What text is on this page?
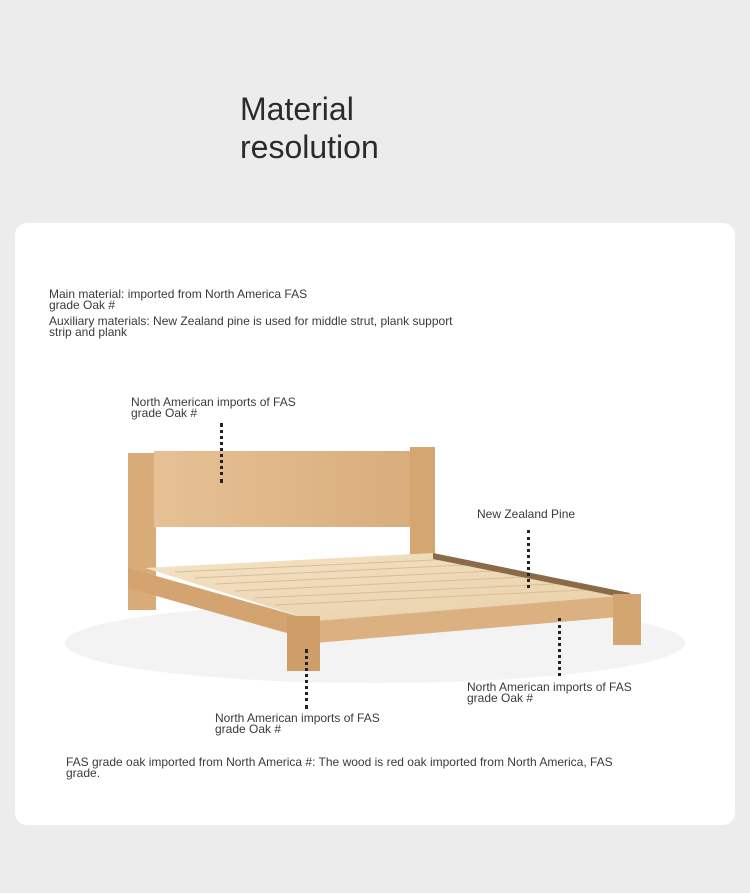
Material
resolution
Main material: imported from North America FAS
grade Oak #
Auxiliary materials: New Zealand pine is used for middle strut, plank support
strip and plank
North American imports of FAS
grade Oak #
New Zealand Pine
North American imports of FAS
grade Oak #
North American imports of FAS
grade Oak #
FAS grade oak imported from North America #: The wood is red oak imported from North America, FAS
grade.
